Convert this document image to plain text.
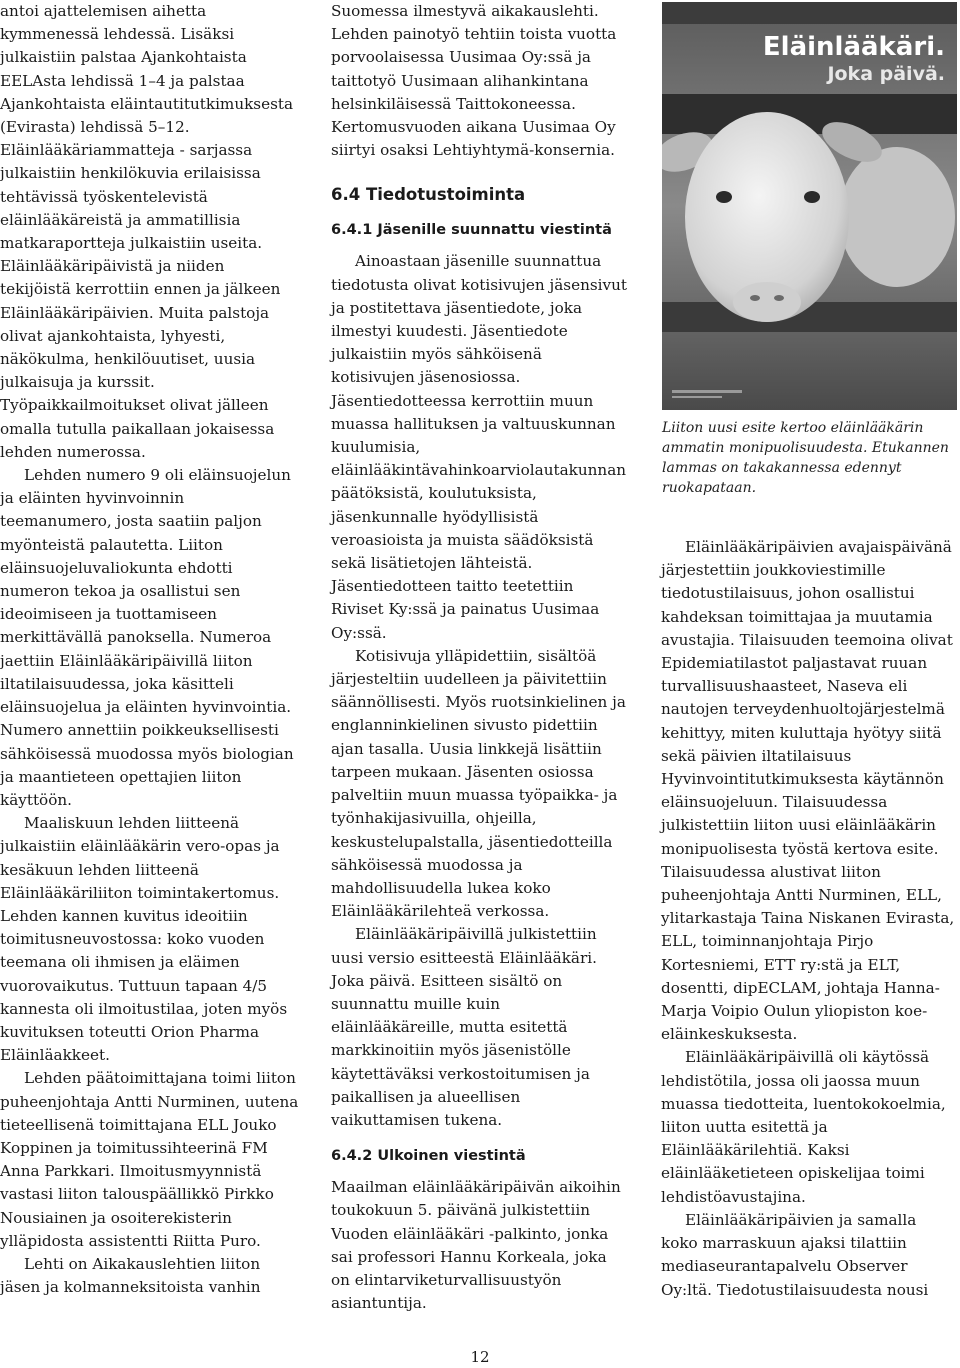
antoi ajattelemisen aihetta kymmenessä lehdessä. Lisäksi julkaistiin palstaa Ajankohtaista EELAsta lehdissä 1–4 ja palstaa Ajankohtaista eläintautitutkimuksesta (Evirasta) lehdissä 5–12. Eläinlääkäriammatteja - sarjassa julkaistiin henkilökuvia erilaisissa tehtävissä työskentelevistä eläinlääkäreistä ja ammatillisia matkaraportteja julkaistiin useita. Eläinlääkäripäivistä ja niiden tekijöistä kerrottiin ennen ja jälkeen Eläinlääkäripäivien. Muita palstoja olivat ajankohtaista, lyhyesti, näkökulma, henkilöuutiset, uusia julkaisuja ja kurssit. Työpaikkailmoitukset olivat jälleen omalla tutulla paikallaan jokaisessa lehden numerossa.

Lehden numero 9 oli eläinsuojelun ja eläinten hyvinvoinnin teemanumero, josta saatiin paljon myönteistä palautetta. Liiton eläinsuojeluvaliokunta ehdotti numeron tekoa ja osallistui sen ideoimiseen ja tuottamiseen merkittävällä panoksella. Numeroa jaettiin Eläinlääkäripäivillä liiton iltatilaisuudessa, joka käsitteli eläinsuojelua ja eläinten hyvinvointia. Numero annettiin poikkeuksellisesti sähköisessä muodossa myös biologian ja maantieteen opettajien liiton käyttöön.

Maaliskuun lehden liitteenä julkaistiin eläinlääkärin vero-opas ja kesäkuun lehden liitteenä Eläinlääkäriliiton toimintakertomus. Lehden kannen kuvitus ideoitiin toimitusneuvostossa: koko vuoden teemana oli ihmisen ja eläimen vuorovaikutus. Tuttuun tapaan 4/5 kannesta oli ilmoitustilaa, joten myös kuvituksen toteutti Orion Pharma Eläinläakkeet.

Lehden päätoimittajana toimi liiton puheenjohtaja Antti Nurminen, uutena tieteellisenä toimittajana ELL Jouko Koppinen ja toimitussihteerinä FM Anna Parkkari. Ilmoitusmyynnistä vastasi liiton talouspäällikkö Pirkko Nousiainen ja osoiterekisterin ylläpidosta assistentti Riitta Puro.

Lehti on Aikakauslehtien liiton jäsen ja kolmanneksitoista vanhin

Suomessa ilmestyvä aikakauslehti. Lehden painotyö tehtiin toista vuotta porvoolaisessa Uusimaa Oy:ssä ja taittotyö Uusimaan alihankintana helsinkiläisessä Taittokoneessa. Kertomusvuoden aikana Uusimaa Oy siirtyi osaksi Lehtiyhtymä-konsernia.

6.4 Tiedotustoiminta
6.4.1 Jäsenille suunnattu viestintä

Ainoastaan jäsenille suunnattua tiedotusta olivat kotisivujen jäsensivut ja postitettava jäsentiedote, joka ilmestyi kuudesti. Jäsentiedote julkaistiin myös sähköisenä kotisivujen jäsenosiossa. Jäsentiedotteessa kerrottiin muun muassa hallituksen ja valtuuskunnan kuulumisia, eläinlääkintävahinkoarviolautakunnan päätöksistä, koulutuksista, jäsenkunnalle hyödyllisistä veroasioista ja muista säädöksistä sekä lisätietojen lähteistä. Jäsentiedotteen taitto teetettiin Riviset Ky:ssä ja painatus Uusimaa Oy:ssä.

Kotisivuja ylläpidettiin, sisältöä järjesteltiin uudelleen ja päivitettiin säännöllisesti. Myös ruotsinkielinen ja englanninkielinen sivusto pidettiin ajan tasalla. Uusia linkkejä lisättiin tarpeen mukaan. Jäsenten osiossa palveltiin muun muassa työpaikka- ja työnhakijasivuilla, ohjeilla, keskustelupalstalla, jäsentiedotteilla sähköisessä muodossa ja mahdollisuudella lukea koko Eläinlääkärilehteä verkossa.

Eläinlääkäripäivillä julkistettiin uusi versio esitteestä Eläinlääkäri. Joka päivä. Esitteen sisältö on suunnattu muille kuin eläinlääkäreille, mutta esitettä markkinoitiin myös jäsenistölle käytettäväksi verkostoitumisen ja paikallisen ja alueellisen vaikuttamisen tukena.

6.4.2 Ulkoinen viestintä

Maailman eläinlääkäripäivän aikoihin toukokuun 5. päivänä julkistettiin Vuoden eläinlääkäri -palkinto, jonka sai professori Hannu Korkeala, joka on elintarviketurvallisuustyön asiantuntija.

Eläinlääkäri.
Joka päivä.
Liiton uusi esite kertoo eläinlääkärin ammatin monipuolisuudesta. Etukannen lammas on takakannessa edennyt ruokapataan.

Eläinlääkäripäivien avajaispäivänä järjestettiin joukkoviestimille tiedotustilaisuus, johon osallistui kahdeksan toimittajaa ja muutamia avustajia. Tilaisuuden teemoina olivat Epidemiatilastot paljastavat ruuan turvallisuushaasteet, Naseva eli nautojen terveydenhuoltojärjestelmä kehittyy, miten kuluttaja hyötyy siitä sekä päivien iltatilaisuus Hyvinvointitutkimuksesta käytännön eläinsuojeluun. Tilaisuudessa julkistettiin liiton uusi eläinlääkärin monipuolisesta työstä kertova esite. Tilaisuudessa alustivat liiton puheenjohtaja Antti Nurminen, ELL, ylitarkastaja Taina Niskanen Evirasta, ELL, toiminnanjohtaja Pirjo Kortesniemi, ETT ry:stä ja ELT, dosentti, dipECLAM, johtaja Hanna-Marja Voipio Oulun yliopiston koe-eläinkeskuksesta.

Eläinlääkäripäivillä oli käytössä lehdistötila, jossa oli jaossa muun muassa tiedotteita, luentokokoelmia, liiton uutta esitettä ja Eläinlääkärilehtiä. Kaksi eläinlääketieteen opiskelijaa toimi lehdistöavustajina.

Eläinlääkäripäivien ja samalla koko marraskuun ajaksi tilattiin mediaseurantapalvelu Observer Oy:ltä. Tiedotustilaisuudesta nousi

12
